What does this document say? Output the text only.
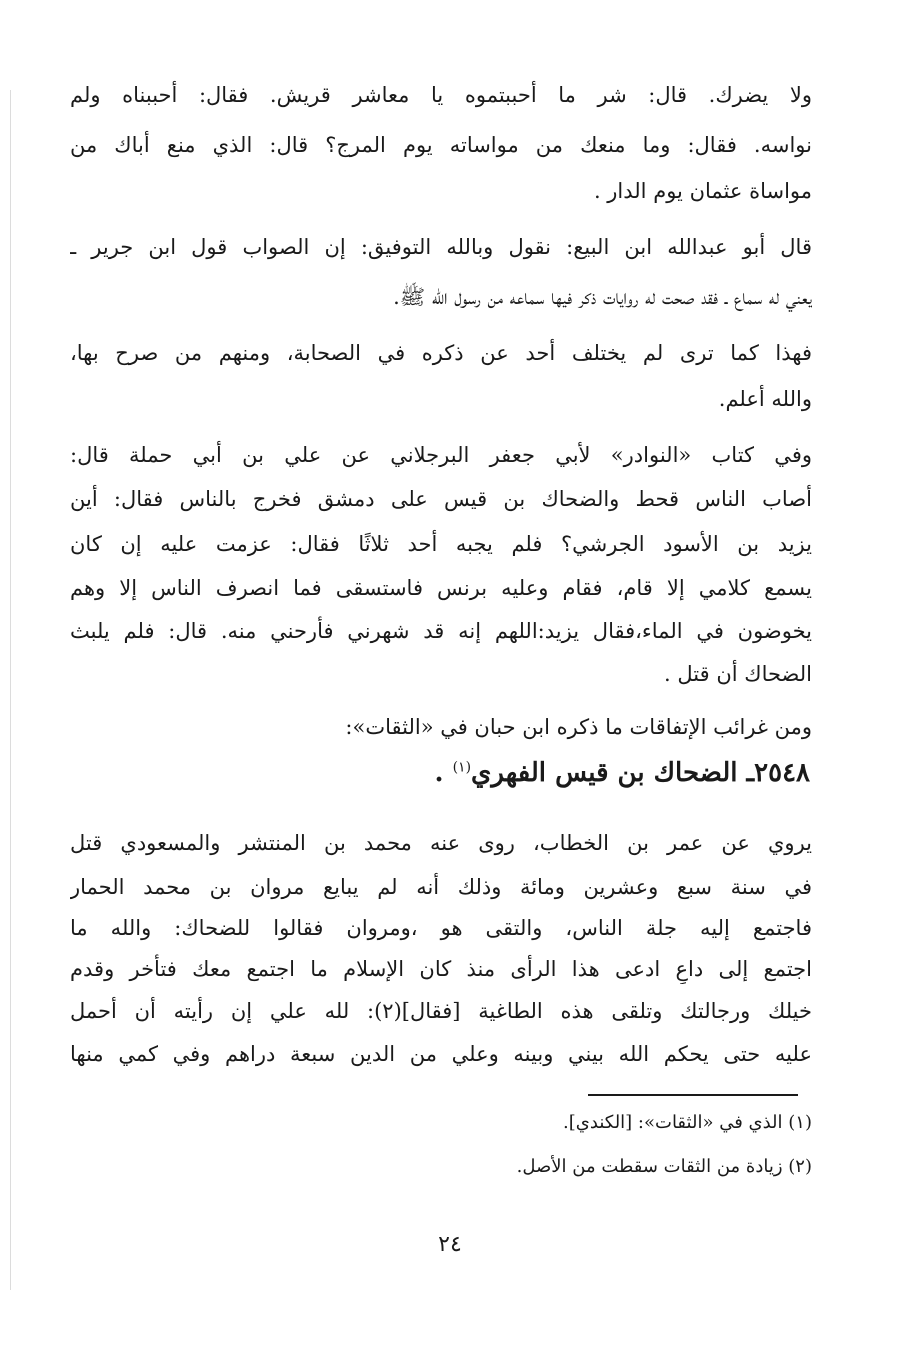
ولا يضرك. قال: شر ما أحببتموه يا معاشر قريش. فقال: أحببناه ولم
نواسه. فقال: وما منعك من مواساته يوم المرج؟ قال: الذي منع أباك من
مواساة عثمان يوم الدار .
قال أبو عبدالله ابن البيع: نقول وبالله التوفيق: إن الصواب قول ابن جرير ـ
يعني له سماع ـ فقد صحت له روايات ذكر فيها سماعه من رسول الله ﷺ.
فهذا كما ترى لم يختلف أحد عن ذكره في الصحابة، ومنهم من صرح بها،
والله أعلم.
وفي كتاب «النوادر» لأبي جعفر البرجلاني عن علي بن أبي حملة قال:
أصاب الناس قحط والضحاك بن قيس على دمشق فخرج بالناس فقال: أين
يزيد بن الأسود الجرشي؟ فلم يجبه أحد ثلاثًا فقال: عزمت عليه إن كان
يسمع كلامي إلا قام، فقام وعليه برنس فاستسقى فما انصرف الناس إلا وهم
يخوضون في الماء،فقال يزيد:اللهم إنه قد شهرني فأرحني منه. قال: فلم يلبث
الضحاك أن قتل .
ومن غرائب الإتفاقات ما ذكره ابن حبان في «الثقات»:
٢٥٤٨ـ الضحاك بن قيس الفهري$^{(١)}$ .
يروي عن عمر بن الخطاب، روى عنه محمد بن المنتشر والمسعودي قتل
في سنة سبع وعشرين ومائة وذلك أنه لم يبايع مروان بن محمد الحمار
فاجتمع إليه جلة الناس، والتقى هو ،ومروان فقالوا للضحاك: والله ما
اجتمع إلى داعٍ ادعى هذا الرأى منذ كان الإسلام ما اجتمع معك فتأخر وقدم
خيلك ورجالتك وتلقى هذه الطاغية [فقال](٢): لله علي إن رأيته أن أحمل
عليه حتى يحكم الله بيني وبينه وعلي من الدين سبعة دراهم وفي كمي منها
(١) الذي في «الثقات»: [الكندي].
(٢) زيادة من الثقات سقطت من الأصل.
٢٤
